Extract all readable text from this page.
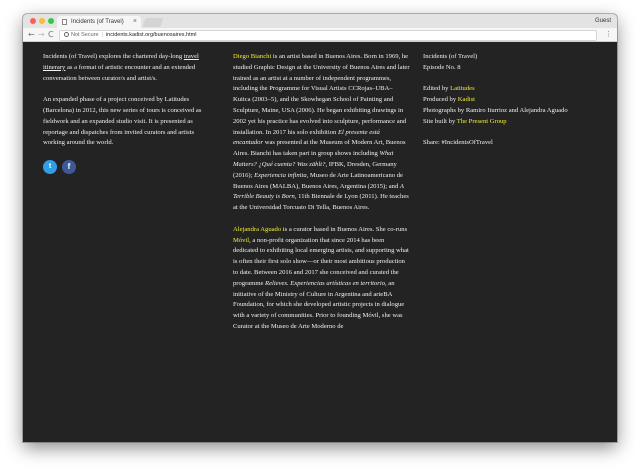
Incidents (of Travel) ×	Guest
← → C	Not Secure | incidents.kadist.org/buenosaires.html	⋮

Incidents (of Travel) explores the chartered day-long travel itinerary as a format of artistic encounter and an extended conversation between curator/s and artist/s.

An expanded phase of a project conceived by Latitudes (Barcelona) in 2012, this new series of tours is conceived as fieldwork and an expanded studio visit. It is presented as reportage and dispatches from invited curators and artists working around the world.

t f

Diego Bianchi is an artist based in Buenos Aires. Born in 1969, he studied Graphic Design at the University of Buenos Aires and later trained as an artist at a number of independent programmes, including the Programme for Visual Artists CCRojas–UBA–Kuitca (2003–5), and the Skowhegan School of Painting and Sculpture, Maine, USA (2006). He began exhibiting drawings in 2002 yet his practice has evolved into sculpture, performance and installation. In 2017 his solo exhibition El presente está encantador was presented at the Museum of Modern Art, Buenos Aires. Bianchi has taken part in group shows including What Matters? ¿Qué cuenta? Was zählt?, IFBK, Dresden, Germany (2016); Experiencia infinita, Museo de Arte Latinoamericano de Buenos Aires (MALBA), Buenos Aires, Argentina (2015); and A Terrible Beauty is Born, 11th Biennale de Lyon (2011). He teaches at the Universidad Torcuato Di Tella, Buenos Aires.

Alejandra Aguado is a curator based in Buenos Aires. She co-runs Móvil, a non-profit organization that since 2014 has been dedicated to exhibiting local emerging artists, and supporting what is often their first solo show—or their most ambitious production to date. Between 2016 and 2017 she conceived and curated the programme Relieves. Experiencias artísticas en territorio, an initiative of the Ministry of Culture in Argentina and arteBA Foundation, for which she developed artistic projects in dialogue with a variety of communities. Prior to founding Móvil, she was Curator at the Museo de Arte Moderno de

Incidents (of Travel)
Episode No. 8
Edited by Latitudes
Produced by Kadist
Photographs by Ramiro Iturrioz and Alejandra Aguado
Site built by The Present Group
Share: #IncidentsOfTravel
